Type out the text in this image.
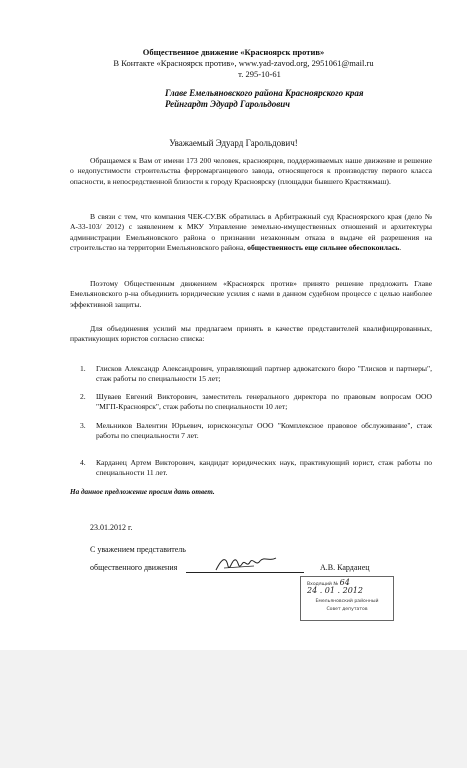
Общественное движение «Красноярск против»
В Контакте «Красноярск против», www.yad-zavod.org, 2951061@mail.ru
т. 295-10-61
Главе Емельяновского района Красноярского края
Рейнгардт Эдуард Гарольдович
Уважаемый Эдуард Гарольдович!
Обращаемся к Вам от имени 173 200 человек, красноярцев, поддерживаемых наше движение и решение о недопустимости строительства ферромарганцевого завода, относящегося к производству первого класса опасности, в непосредственной близости к городу Красноярску (площадки бывшего Крастяжмаш).
В связи с тем, что компания ЧЕК-СУ.ВК обратилась в Арбитражный суд Красноярского края (дело № А-33-103/ 2012) с заявлением к МКУ Управление земельно-имущественных отношений и архитектуры администрации Емельяновского района о признании незаконным отказа в выдаче ей разрешения на строительство на территории Емельяновского района, общественность еще сильнее обеспокоилась.
Поэтому Общественным движением «Красноярск против» принято решение предложить Главе Емельяновского р-на объединить юридические усилия с нами в данном судебном процессе с целью наиболее эффективной защиты.
Для объединения усилий мы предлагаем принять в качестве представителей квалифицированных, практикующих юристов согласно списка:
1. Глисков Александр Александрович, управляющий партнер адвокатского бюро "Глисков и партнеры", стаж работы по специальности 15 лет;
2. Шуваев Евгений Викторович, заместитель генерального директора по правовым вопросам ООО "МГП-Красноярск", стаж работы по специальности 10 лет;
3. Мельников Валентин Юрьевич, юрисконсульт ООО "Комплексное правовое обслуживание", стаж работы по специальности 7 лет.
4. Карданец Артем Викторович, кандидат юридических наук, практикующий юрист, стаж работы по специальности 11 лет.
На данное предложение просим дать ответ.
23.01.2012 г.
С уважением представитель
общественного движения	А.В. Карданец
Входящий № 64
24 . 01 . 2012
Емельяновский районный
Совет депутатов
